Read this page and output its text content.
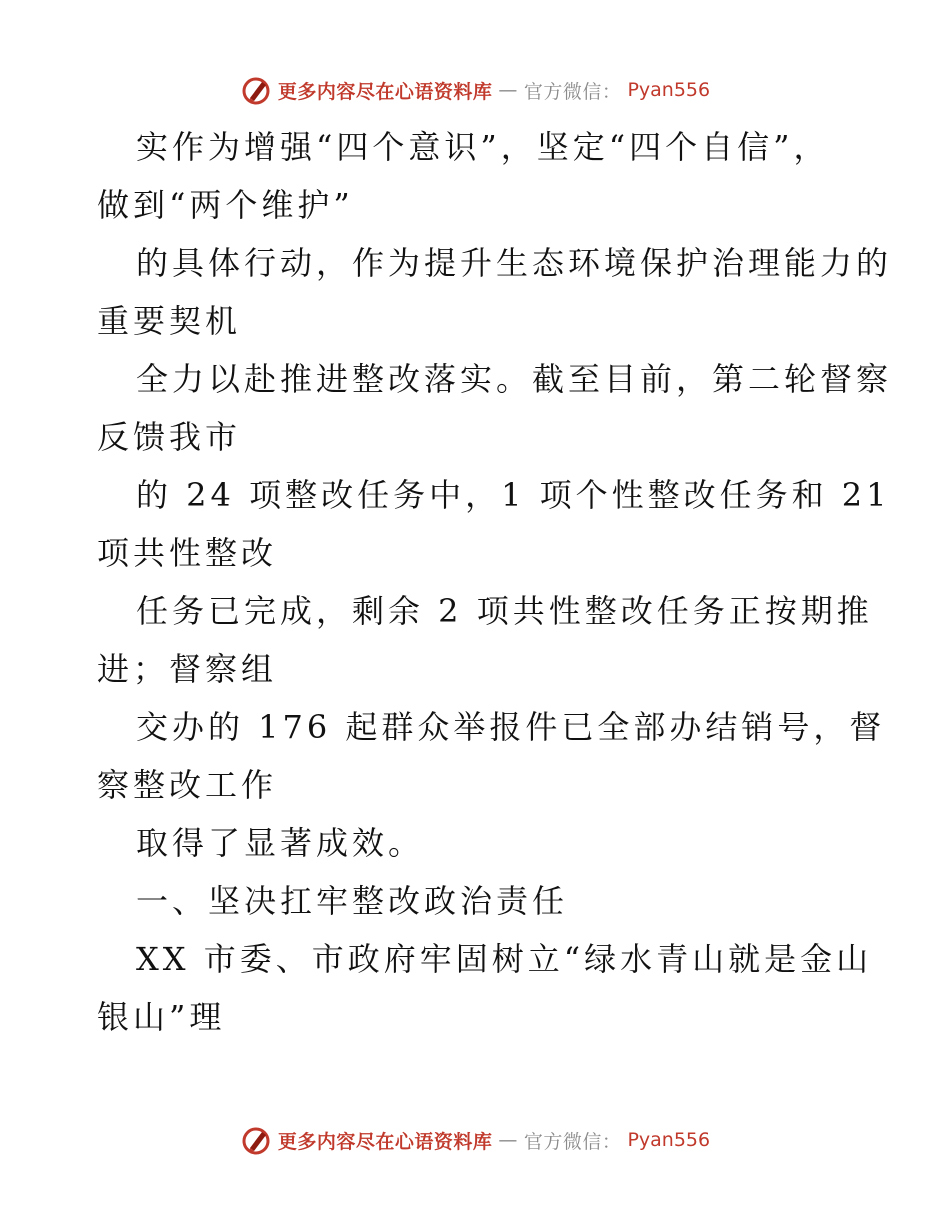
更多内容尽在心语资料库 — 官方微信： Pyan556
实作为增强“四个意识”，坚定“四个自信”，
做到“两个维护”
的具体行动，作为提升生态环境保护治理能力的
重要契机
全力以赴推进整改落实。截至目前，第二轮督察
反馈我市
的 24 项整改任务中，1 项个性整改任务和 21
项共性整改
任务已完成，剩余 2 项共性整改任务正按期推
进；督察组
交办的 176 起群众举报件已全部办结销号，督
察整改工作
取得了显著成效。
一、坚决扛牢整改政治责任
XX 市委、市政府牢固树立“绿水青山就是金山
银山”理
更多内容尽在心语资料库 — 官方微信： Pyan556
